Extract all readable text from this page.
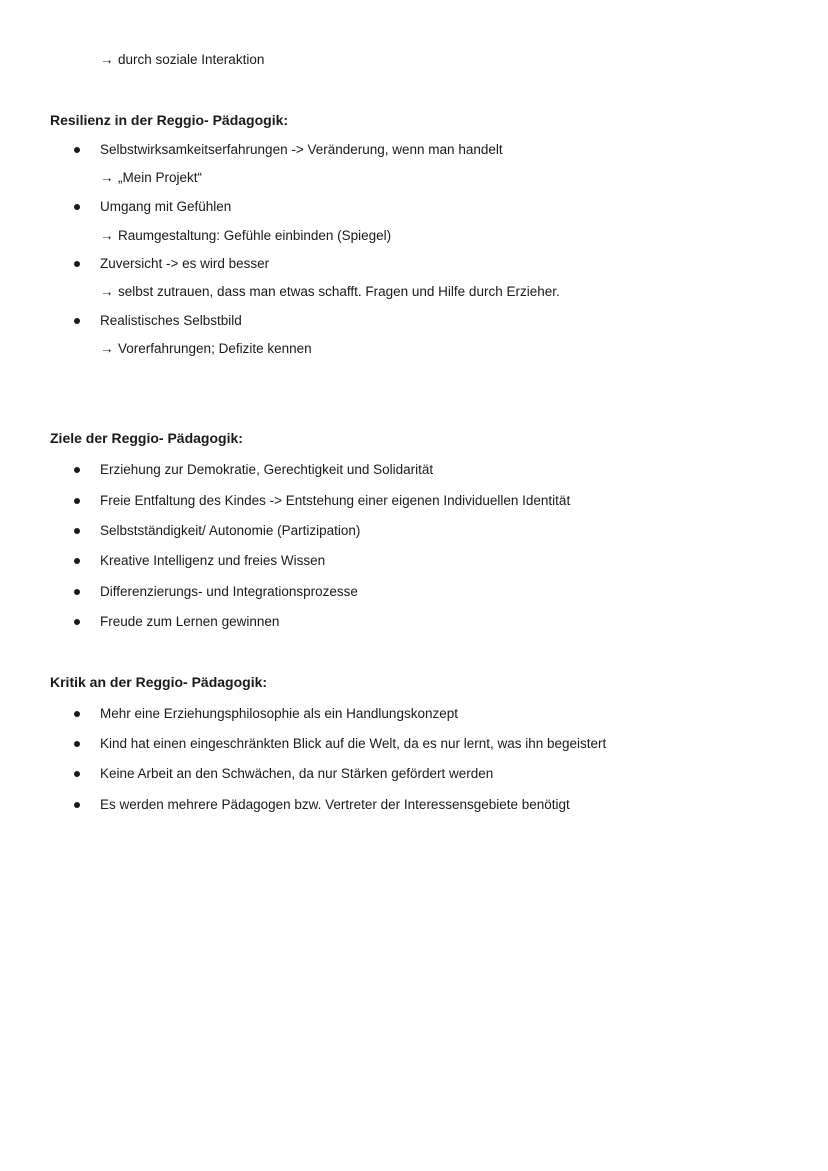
→ durch soziale Interaktion
Resilienz in der Reggio- Pädagogik:
Selbstwirksamkeitserfahrungen -> Veränderung, wenn man handelt
→ „Mein Projekt“
Umgang mit Gefühlen
→ Raumgestaltung: Gefühle einbinden (Spiegel)
Zuversicht -> es wird besser
→ selbst zutrauen, dass man etwas schafft. Fragen und Hilfe durch Erzieher.
Realistisches Selbstbild
→ Vorerfahrungen; Defizite kennen
Ziele der Reggio- Pädagogik:
Erziehung zur Demokratie, Gerechtigkeit und Solidarität
Freie Entfaltung des Kindes -> Entstehung einer eigenen Individuellen Identität
Selbstständigkeit/ Autonomie (Partizipation)
Kreative Intelligenz und freies Wissen
Differenzierungs- und Integrationsprozesse
Freude zum Lernen gewinnen
Kritik an der Reggio- Pädagogik:
Mehr eine Erziehungsphilosophie als ein Handlungskonzept
Kind hat einen eingeschränkten Blick auf die Welt, da es nur lernt, was ihn begeistert
Keine Arbeit an den Schwächen, da nur Stärken gefördert werden
Es werden mehrere Pädagogen bzw. Vertreter der Interessensgebiete benötigt
